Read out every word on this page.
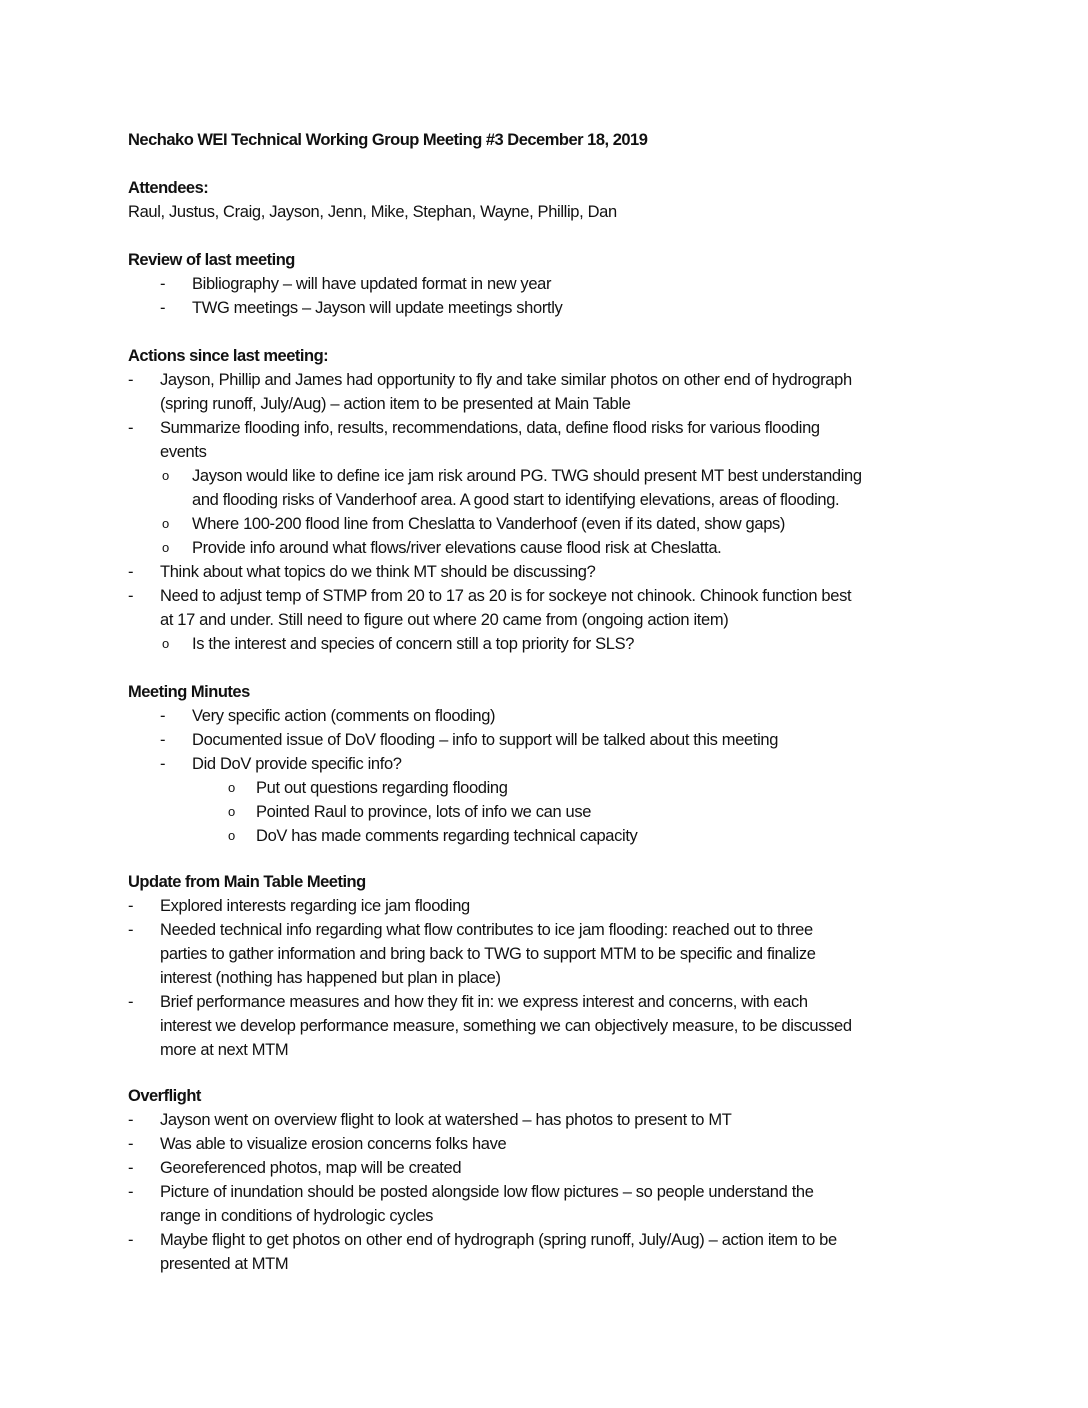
Nechako WEI Technical Working Group Meeting #3 December 18, 2019
Attendees:
Raul, Justus, Craig, Jayson, Jenn, Mike, Stephan, Wayne, Phillip, Dan
Review of last meeting
- Bibliography – will have updated format in new year
- TWG meetings – Jayson will update meetings shortly
Actions since last meeting:
- Jayson, Phillip and James had opportunity to fly and take similar photos on other end of hydrograph
(spring runoff, July/Aug) – action item to be presented at Main Table
- Summarize flooding info, results, recommendations, data, define flood risks for various flooding
events
o Jayson would like to define ice jam risk around PG. TWG should present MT best understanding
and flooding risks of Vanderhoof area. A good start to identifying elevations, areas of flooding.
o Where 100-200 flood line from Cheslatta to Vanderhoof (even if its dated, show gaps)
o Provide info around what flows/river elevations cause flood risk at Cheslatta.
- Think about what topics do we think MT should be discussing?
- Need to adjust temp of STMP from 20 to 17 as 20 is for sockeye not chinook. Chinook function best
at 17 and under. Still need to figure out where 20 came from (ongoing action item)
o Is the interest and species of concern still a top priority for SLS?
Meeting Minutes
- Very specific action (comments on flooding)
- Documented issue of DoV flooding – info to support will be talked about this meeting
- Did DoV provide specific info?
o Put out questions regarding flooding
o Pointed Raul to province, lots of info we can use
o DoV has made comments regarding technical capacity
Update from Main Table Meeting
- Explored interests regarding ice jam flooding
- Needed technical info regarding what flow contributes to ice jam flooding: reached out to three
parties to gather information and bring back to TWG to support MTM to be specific and finalize
interest (nothing has happened but plan in place)
- Brief performance measures and how they fit in: we express interest and concerns, with each
interest we develop performance measure, something we can objectively measure, to be discussed
more at next MTM
Overflight
- Jayson went on overview flight to look at watershed – has photos to present to MT
- Was able to visualize erosion concerns folks have
- Georeferenced photos, map will be created
- Picture of inundation should be posted alongside low flow pictures – so people understand the
range in conditions of hydrologic cycles
- Maybe flight to get photos on other end of hydrograph (spring runoff, July/Aug) – action item to be
presented at MTM
